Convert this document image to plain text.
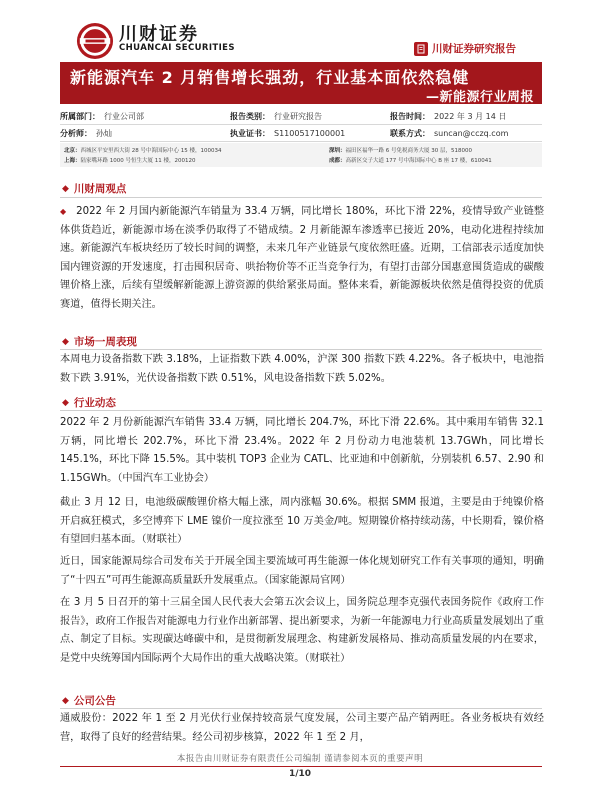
川财证券
CHUANCAI SECURITIES	川财证券研究报告
新能源汽车 2 月销售增长强劲，行业基本面依然稳健
—新能源行业周报
所属部门： 行业公司部	报告类别： 行业研究报告	报告时间： 2022 年 3 月 14 日
分析师： 孙灿	执业证书： S1100517100001	联系方式： suncan@cczq.com
北京：西城区平安里西大街 28 号中海国际中心 15 楼，100034	深圳：福田区福华一路 6 号免税商务大厦 30 层，518000
上海：陆家嘴环路 1000 号恒生大厦 11 楼，200120	成都：高新区交子大道 177 号中海国际中心 B 座 17 楼，610041
◆ 川财周观点
◆ 2022 年 2 月国内新能源汽车销量为 33.4 万辆，同比增长 180%，环比下滑 22%，疫情导致产业链整体供货趋近，新能源市场在淡季仍取得了不错成绩。2 月新能源车渗透率已接近 20%，电动化进程持续加速。新能源汽车板块经历了较长时间的调整，未来几年产业链景气度依然旺盛。近期，工信部表示适度加快国内锂资源的开发速度，打击囤积居奇、哄抬物价等不正当竞争行为，有望打击部分国惠意囤货造成的碳酸锂价格上涨，后续有望缓解新能源上游资源的供给紧张局面。整体来看，新能源板块依然是值得投资的优质赛道，值得长期关注。
◆ 市场一周表现
本周电力设备指数下跌 3.18%，上证指数下跌 4.00%，沪深 300 指数下跌 4.22%。各子板块中，电池指数下跌 3.91%，光伏设备指数下跌 0.51%，风电设备指数下跌 5.02%。
◆ 行业动态
2022 年 2 月份新能源汽车销售 33.4 万辆，同比增长 204.7%，环比下滑 22.6%。其中乘用车销售 32.1 万辆，同比增长 202.7%，环比下滑 23.4%。2022 年 2 月份动力电池装机 13.7GWh，同比增长 145.1%，环比下降 15.5%。其中装机 TOP3 企业为 CATL、比亚迪和中创新航，分别装机 6.57、2.90 和 1.15GWh。（中国汽车工业协会）
截止 3 月 12 日，电池级碳酸锂价格大幅上涨，周内涨幅 30.6%。根据 SMM 报道，主要是由于纯镍价格开启疯狂模式，多空博弈下 LME 镍价一度拉涨至 10 万美金/吨。短期镍价格持续动荡，中长期看，镍价格有望回归基本面。（财联社）
近日，国家能源局综合司发布关于开展全国主要流域可再生能源一体化规划研究工作有关事项的通知，明确了“十四五”可再生能源高质量跃升发展重点。（国家能源局官网）
在 3 月 5 日召开的第十三届全国人民代表大会第五次会议上，国务院总理李克强代表国务院作《政府工作报告》，政府工作报告对能源电力行业作出新部署、提出新要求，为新一年能源电力行业高质量发展划出了重点、制定了目标。实现碳达峰碳中和，是贯彻新发展理念、构建新发展格局、推动高质量发展的内在要求，是党中央统筹国内国际两个大局作出的重大战略决策。（财联社）
◆ 公司公告
通威股份：2022 年 1 至 2 月光伏行业保持较高景气度发展，公司主要产品产销两旺。各业务板块有效经营，取得了良好的经营结果。经公司初步核算，2022 年 1 至 2 月，
本报告由川财证券有限责任公司编制 谨请参阅本页的重要声明
1/10
